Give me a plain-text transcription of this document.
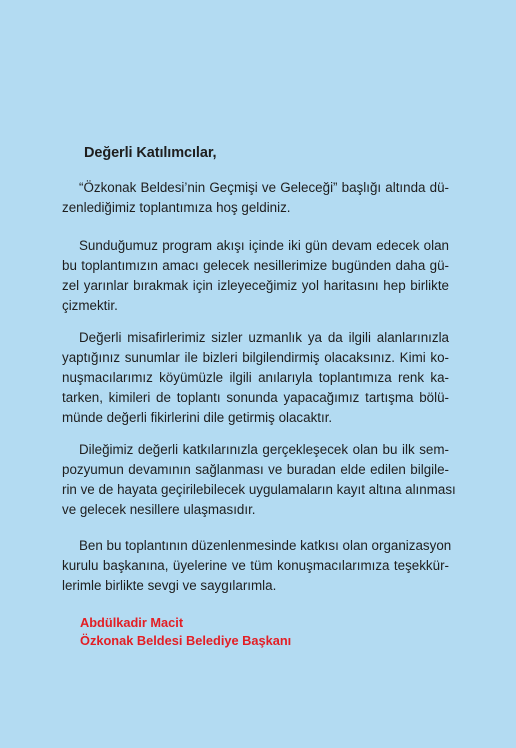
Değerli Katılımcılar,

“Özkonak Beldesi’nin Geçmişi ve Geleceği” başlığı altında dü-
zenlediğimiz toplantımıza hoş geldiniz.
Sunduğumuz program akışı içinde iki gün devam edecek olan
bu toplantımızın amacı gelecek nesillerimize bugünden daha gü-
zel yarınlar bırakmak için izleyeceğimiz yol haritasını hep birlikte
çizmektir.
Değerli misafirlerimiz sizler uzmanlık ya da ilgili alanlarınızla
yaptığınız sunumlar ile bizleri bilgilendirmiş olacaksınız. Kimi ko-
nuşmacılarımız köyümüzle ilgili anılarıyla toplantımıza renk ka-
tarken, kimileri de toplantı sonunda yapacağımız tartışma bölü-
münde değerli fikirlerini dile getirmiş olacaktır.
Dileğimiz değerli katkılarınızla gerçekleşecek olan bu ilk sem-
pozyumun devamının sağlanması ve buradan elde edilen bilgile-
rin ve de hayata geçirilebilecek uygulamaların kayıt altına alınması
ve gelecek nesillere ulaşmasıdır.
Ben bu toplantının düzenlenmesinde katkısı olan organizasyon
kurulu başkanına, üyelerine ve tüm konuşmacılarımıza teşekkür-
lerimle birlikte sevgi ve saygılarımla.
Abdülkadir Macit
Özkonak Beldesi Belediye Başkanı
